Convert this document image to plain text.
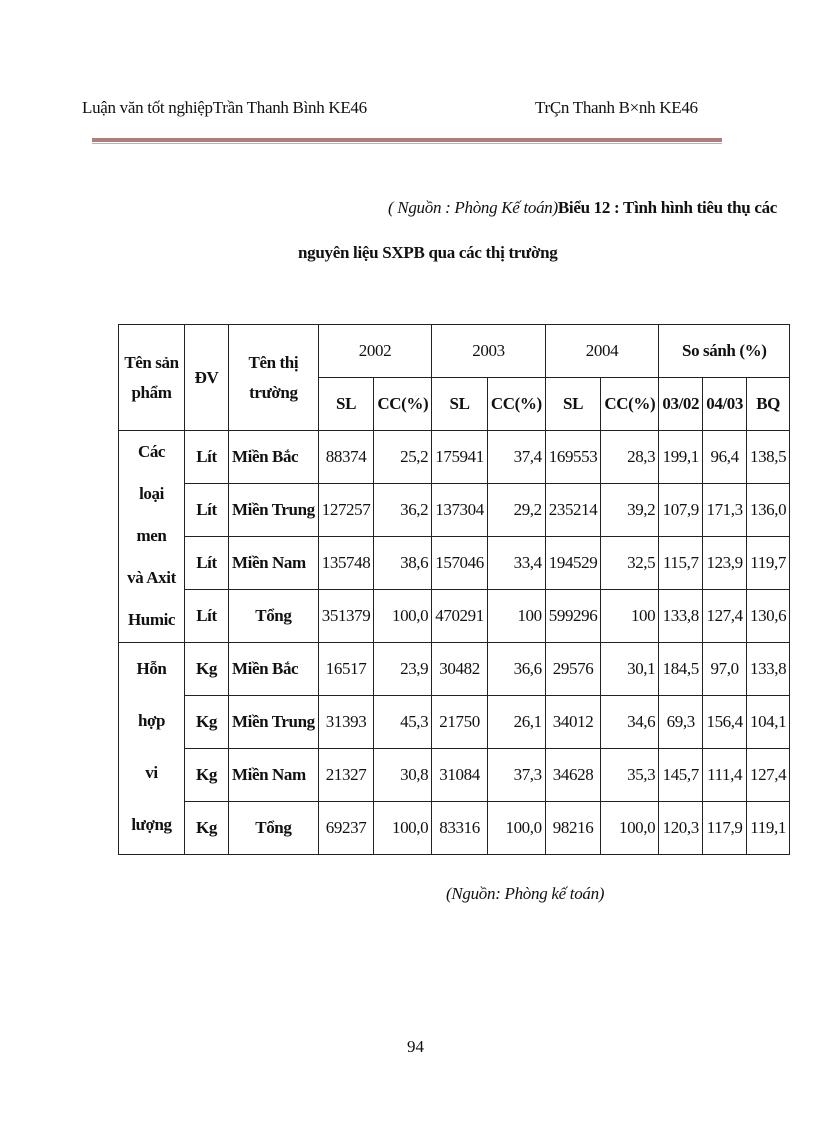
Luận văn tốt nghiệpTrần Thanh Bình KE46	TrÇn Thanh B×nh KE46
( Nguồn : Phòng Kế toán)Biểu 12 : Tình hình tiêu thụ các
nguyên liệu SXPB qua các thị trường
Tên sản phẩm	ĐV	Tên thị trường	2002		2003		2004		So sánh (%)		
			SL	CC(%)	SL	CC(%)	SL	CC(%)	03/02	04/03	BQ

Các
loại
men
và Axit
Humic	Lít	Miền Bắc	88374	25,2	175941	37,4	169553	28,3	199,1	96,4	138,5
	Lít	Miền Trung	127257	36,2	137304	29,2	235214	39,2	107,9	171,3	136,0
	Lít	Miền Nam	135748	38,6	157046	33,4	194529	32,5	115,7	123,9	119,7
	Lít	Tổng	351379	100,0	470291	100	599296	100	133,8	127,4	130,6

Hỗn
hợp
vi
lượng	Kg	Miền Bắc	16517	23,9	30482	36,6	29576	30,1	184,5	97,0	133,8
	Kg	Miền Trung	31393	45,3	21750	26,1	34012	34,6	69,3	156,4	104,1
	Kg	Miền Nam	21327	30,8	31084	37,3	34628	35,3	145,7	111,4	127,4
	Kg	Tổng	69237	100,0	83316	100,0	98216	100,0	120,3	117,9	119,1
(Nguồn: Phòng kế toán)
94
